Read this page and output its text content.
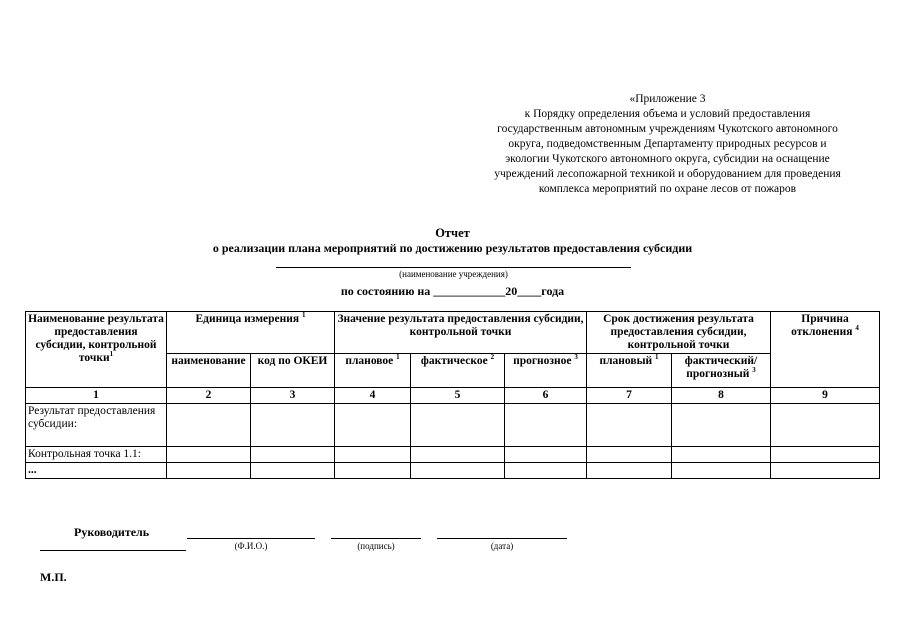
«Приложение 3
к Порядку определения объема и условий предоставления
государственным автономным учреждениям Чукотского автономного
округа, подведомственным Департаменту природных ресурсов и
экологии Чукотского автономного округа, субсидии на оснащение
учреждений лесопожарной техникой и оборудованием для проведения
комплекса мероприятий по охране лесов от пожаров
Отчет
о реализации плана мероприятий по достижению результатов предоставления субсидии
(наименование учреждения)
по состоянию на ____________20____года
Наименование результата предоставления субсидии, контрольной точки$^1$	Единица измерения $^1$		Значение результата предоставления субсидии, контрольной точки			Срок достижения результата предоставления субсидии, контрольной точки		Причина отклонения $^4$
	наименование	код по ОКЕИ	плановое $^1$	фактическое $^2$	прогнозное $^3$	плановый $^1$	фактический/ прогнозный $^3$
1	2	3	4	5	6	7	8	9
Результат предоставления субсидии:								
Контрольная точка 1.1:								
...								
Руководитель
(Ф.И.О.)	(подпись)	(дата)
М.П.
